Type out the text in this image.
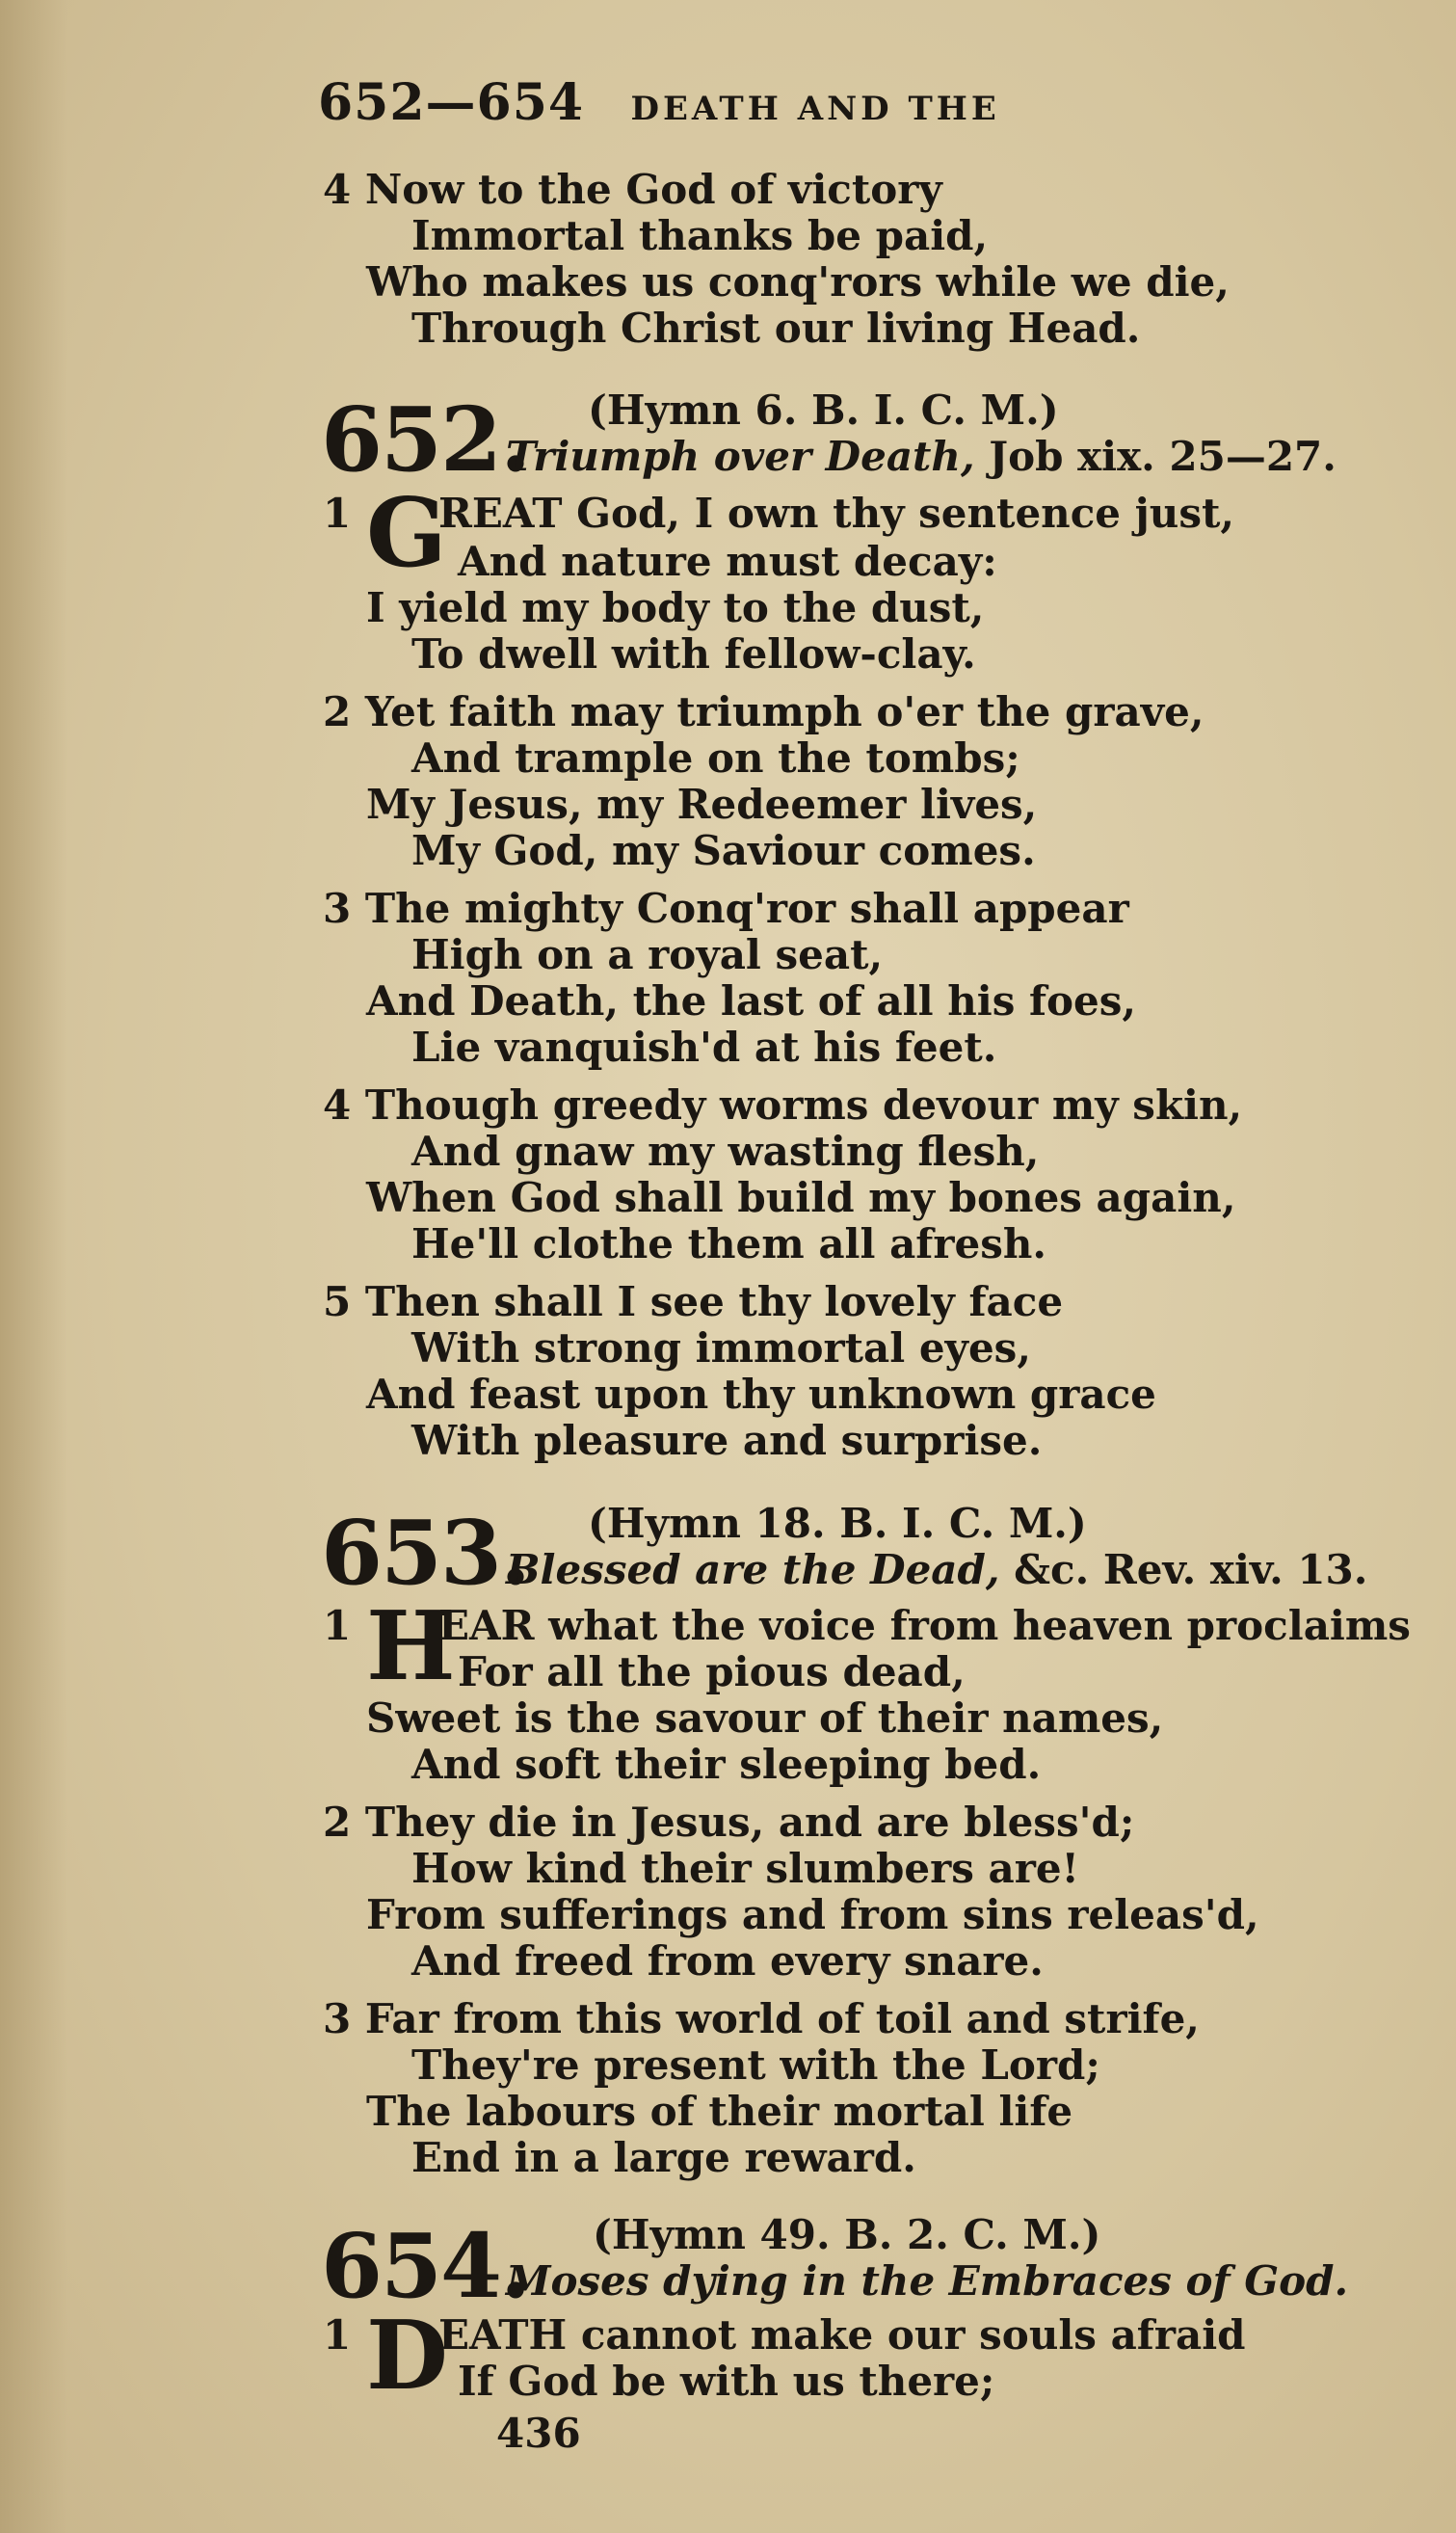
652—654 DEATH AND THE
4 Now to the God of victory
Immortal thanks be paid,
Who makes us conq'rors while we die,
Through Christ our living Head.
652. (Hymn 6. B. I. C. M.)
Triumph over Death, Job xix. 25—27.
1 G
REAT God, I own thy sentence just,
And nature must decay:
I yield my body to the dust,
To dwell with fellow-clay.
2 Yet faith may triumph o'er the grave,
And trample on the tombs;
My Jesus, my Redeemer lives,
My God, my Saviour comes.
3 The mighty Conq'ror shall appear
High on a royal seat,
And Death, the last of all his foes,
Lie vanquish'd at his feet.
4 Though greedy worms devour my skin,
And gnaw my wasting flesh,
When God shall build my bones again,
He'll clothe them all afresh.
5 Then shall I see thy lovely face
With strong immortal eyes,
And feast upon thy unknown grace
With pleasure and surprise.
653. (Hymn 18. B. I. C. M.)
Blessed are the Dead, &c. Rev. xiv. 13.
1 H
EAR what the voice from heaven proclaims
For all the pious dead,
Sweet is the savour of their names,
And soft their sleeping bed.
2 They die in Jesus, and are bless'd;
How kind their slumbers are!
From sufferings and from sins releas'd,
And freed from every snare.
3 Far from this world of toil and strife,
They're present with the Lord;
The labours of their mortal life
End in a large reward.
654. (Hymn 49. B. 2. C. M.)
Moses dying in the Embraces of God.
1 D
EATH cannot make our souls afraid
If God be with us there;
436
